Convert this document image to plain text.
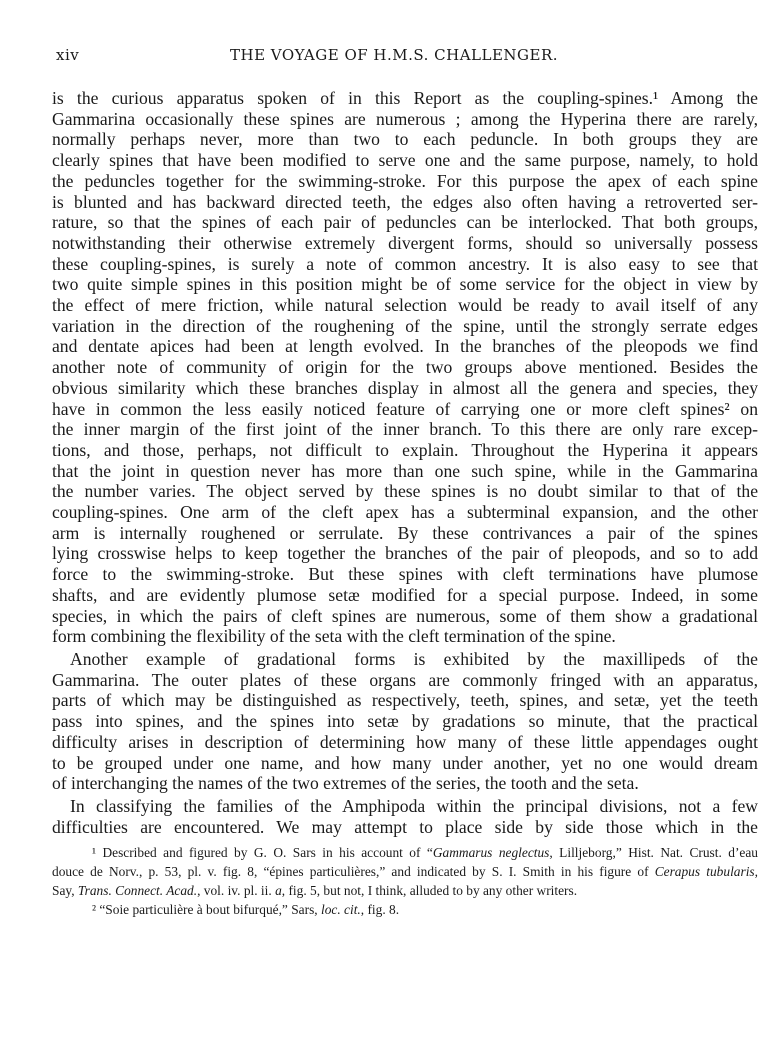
xiv	THE VOYAGE OF H.M.S. CHALLENGER.
is the curious apparatus spoken of in this Report as the coupling-spines.¹ Among the
Gammarina occasionally these spines are numerous ; among the Hyperina there are rarely,
normally perhaps never, more than two to each peduncle. In both groups they are
clearly spines that have been modified to serve one and the same purpose, namely, to hold
the peduncles together for the swimming-stroke. For this purpose the apex of each spine
is blunted and has backward directed teeth, the edges also often having a retroverted ser-
rature, so that the spines of each pair of peduncles can be interlocked. That both groups,
notwithstanding their otherwise extremely divergent forms, should so universally possess
these coupling-spines, is surely a note of common ancestry. It is also easy to see that
two quite simple spines in this position might be of some service for the object in view by
the effect of mere friction, while natural selection would be ready to avail itself of any
variation in the direction of the roughening of the spine, until the strongly serrate edges
and dentate apices had been at length evolved. In the branches of the pleopods we find
another note of community of origin for the two groups above mentioned. Besides the
obvious similarity which these branches display in almost all the genera and species, they
have in common the less easily noticed feature of carrying one or more cleft spines² on
the inner margin of the first joint of the inner branch. To this there are only rare excep-
tions, and those, perhaps, not difficult to explain. Throughout the Hyperina it appears
that the joint in question never has more than one such spine, while in the Gammarina
the number varies. The object served by these spines is no doubt similar to that of the
coupling-spines. One arm of the cleft apex has a subterminal expansion, and the other
arm is internally roughened or serrulate. By these contrivances a pair of the spines
lying crosswise helps to keep together the branches of the pair of pleopods, and so to add
force to the swimming-stroke. But these spines with cleft terminations have plumose
shafts, and are evidently plumose setæ modified for a special purpose. Indeed, in some
species, in which the pairs of cleft spines are numerous, some of them show a gradational
form combining the flexibility of the seta with the cleft termination of the spine.
Another example of gradational forms is exhibited by the maxillipeds of the
Gammarina. The outer plates of these organs are commonly fringed with an apparatus,
parts of which may be distinguished as respectively, teeth, spines, and setæ, yet the teeth
pass into spines, and the spines into setæ by gradations so minute, that the practical
difficulty arises in description of determining how many of these little appendages ought
to be grouped under one name, and how many under another, yet no one would dream
of interchanging the names of the two extremes of the series, the tooth and the seta.
In classifying the families of the Amphipoda within the principal divisions, not a few
difficulties are encountered. We may attempt to place side by side those which in the
¹ Described and figured by G. O. Sars in his account of “Gammarus neglectus, Lilljeborg,” Hist. Nat. Crust. d’eau
douce de Norv., p. 53, pl. v. fig. 8, “épines particulières,” and indicated by S. I. Smith in his figure of Cerapus tubularis,
Say, Trans. Connect. Acad., vol. iv. pl. ii. a, fig. 5, but not, I think, alluded to by any other writers.
² “Soie particulière à bout bifurqué,” Sars, loc. cit., fig. 8.
